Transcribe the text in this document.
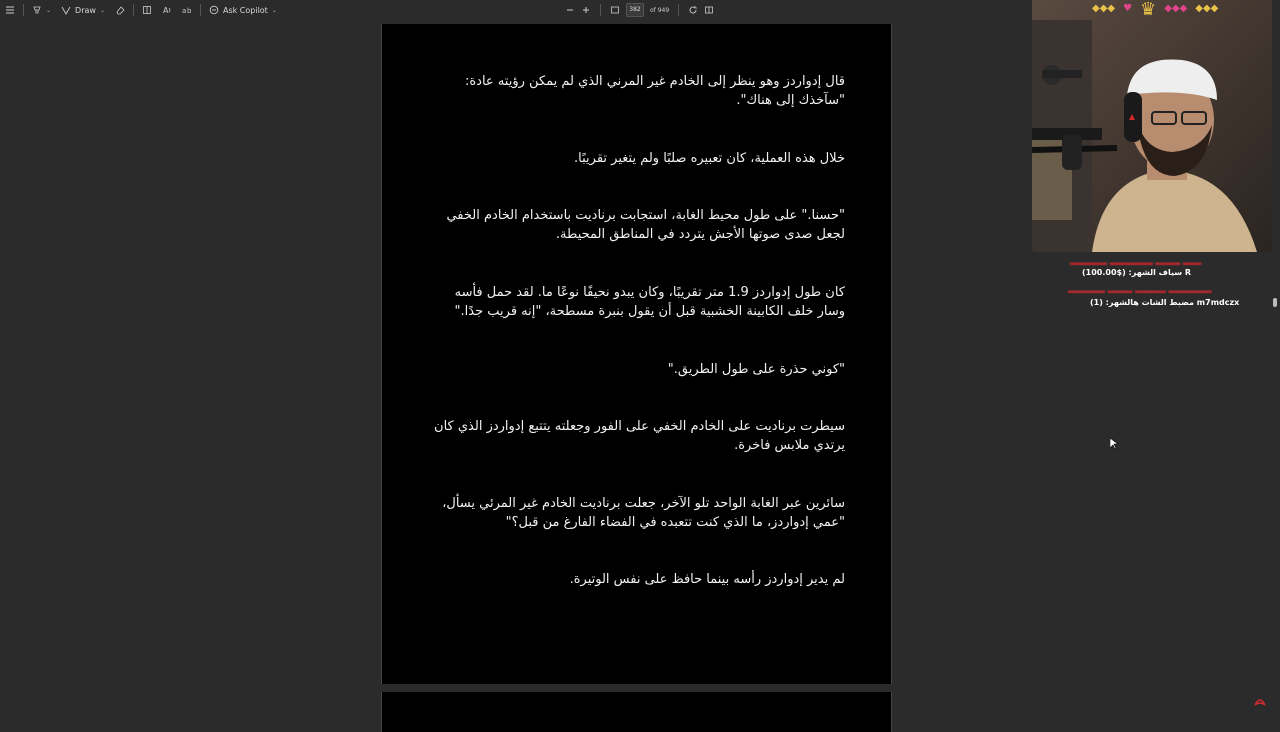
⌄	Draw ⌄	A a b	Ask Copilot ⌄
382	of 949

قال إدواردز وهو ينظر إلى الخادم غير المرني الذي لم يمكن رؤيته عادة: "سآخذك إلى هناك".

خلال هذه العملية، كان تعبيره صلبًا ولم يتغير تقريبًا.

"حسنا." على طول محيط الغابة، استجابت برناديت باستخدام الخادم الخفي لجعل صدى صوتها الأجش يتردد في المناطق المحيطة.

كان طول إدواردز 1.9 متر تقريبًا، وكان يبدو نحيفًا نوعًا ما. لقد حمل فأسه وسار خلف الكابينة الخشبية قبل أن يقول بنبرة مسطحة، "إنه قريب جدًا."

"كوني حذرة على طول الطريق."

سيطرت برناديت على الخادم الخفي على الفور وجعلته يتتبع إدواردز الذي كان يرتدي ملابس فاخرة.

سائرين عبر الغابة الواحد تلو الآخر، جعلت برناديت الخادم غير المرئي يسأل، "عمي إدواردز، ما الذي كنت تتعبده في الفضاء الفارغ من قبل؟"

لم يدير إدواردز رأسه بينما حافظ على نفس الوتيرة.

◆◆◆ ♥ ♛ ◆◆◆ ◆◆◆
▂▂▂▂▂▂ ▂▂▂▂▂▂▂ ▂▂▂▂ ▂▂▂
سياف الشهر: ($100.00) R
▂▂▂▂▂▂ ▂▂▂▂ ▂▂▂▂▂ ▂▂▂▂▂▂▂
مضبط الشات هالشهر: (1) m7mdczx
